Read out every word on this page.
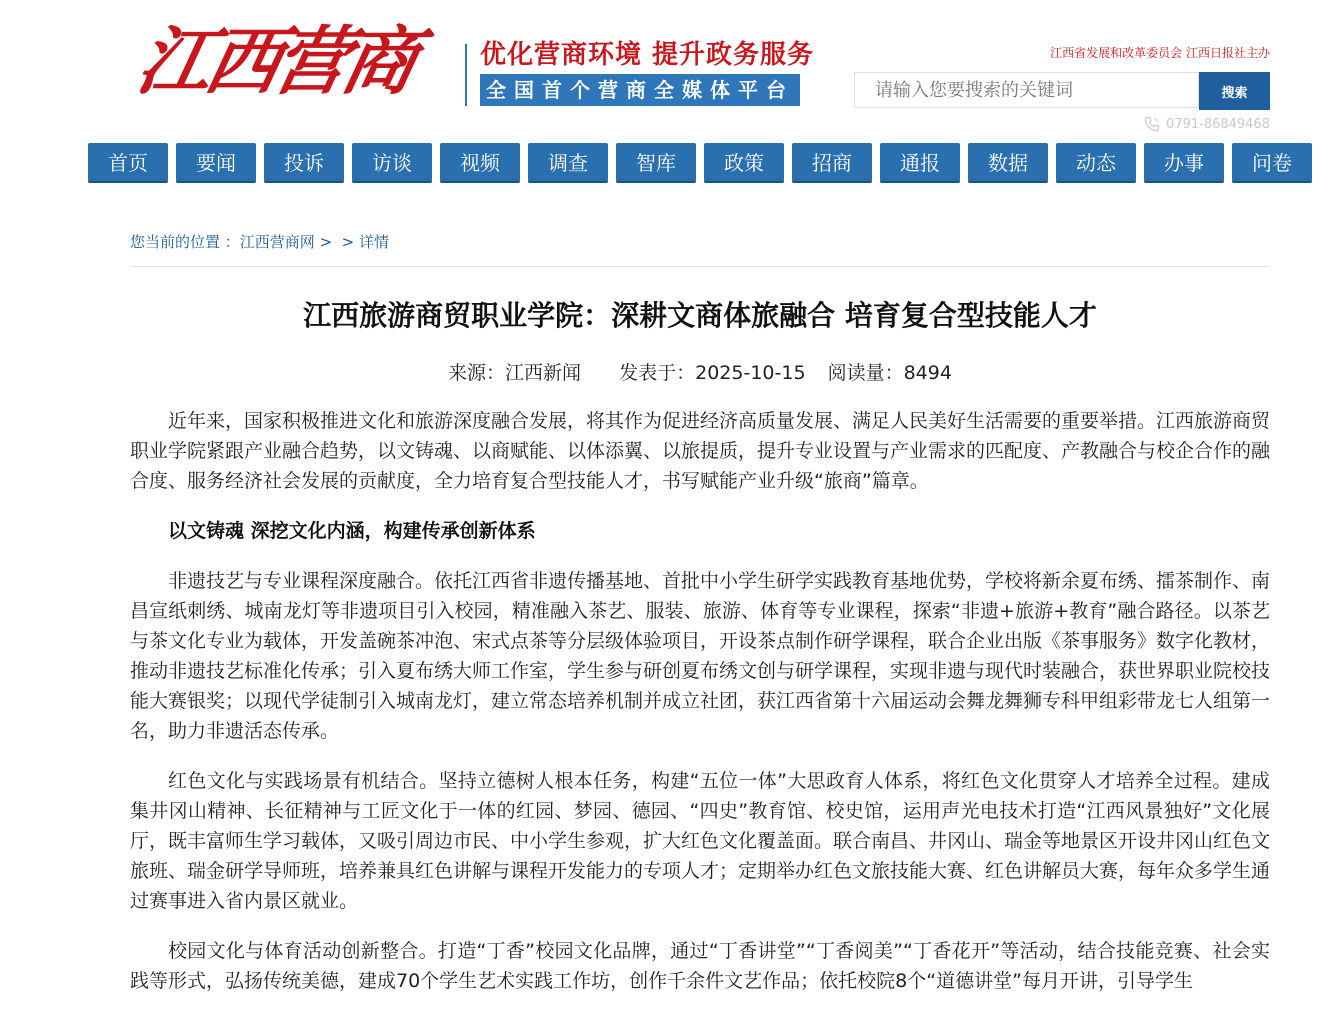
江西营商	优化营商环境 提升政务服务
全国首个营商全媒体平台
江西省发展和改革委员会 江西日报社主办
请输入您要搜索的关键词
搜索
0791-86849468
首页	要闻	投诉	访谈	视频	调查	智库	政策	招商	通报	数据	动态	办事	问卷
您当前的位置 ：江西营商网 >  > 详情
江西旅游商贸职业学院：深耕文商体旅融合 培育复合型技能人才
来源：江西新闻 发表于：2025-10-15 阅读量：8494

近年来，国家积极推进文化和旅游深度融合发展，将其作为促进经济高质量发展、满足人民美好生活需要的重要举措。江西旅游商贸职业学院紧跟产业融合趋势，以文铸魂、以商赋能、以体添翼、以旅提质，提升专业设置与产业需求的匹配度、产教融合与校企合作的融合度、服务经济社会发展的贡献度，全力培育复合型技能人才，书写赋能产业升级“旅商”篇章。

以文铸魂 深挖文化内涵，构建传承创新体系

非遗技艺与专业课程深度融合。依托江西省非遗传播基地、首批中小学生研学实践教育基地优势，学校将新余夏布绣、擂茶制作、南昌宣纸刺绣、城南龙灯等非遗项目引入校园，精准融入茶艺、服装、旅游、体育等专业课程，探索“非遗+旅游+教育”融合路径。以茶艺与茶文化专业为载体，开发盖碗茶冲泡、宋式点茶等分层级体验项目，开设茶点制作研学课程，联合企业出版《茶事服务》数字化教材，推动非遗技艺标准化传承；引入夏布绣大师工作室，学生参与研创夏布绣文创与研学课程，实现非遗与现代时装融合，获世界职业院校技能大赛银奖；以现代学徒制引入城南龙灯，建立常态培养机制并成立社团，获江西省第十六届运动会舞龙舞狮专科甲组彩带龙七人组第一名，助力非遗活态传承。

红色文化与实践场景有机结合。坚持立德树人根本任务，构建“五位一体”大思政育人体系，将红色文化贯穿人才培养全过程。建成集井冈山精神、长征精神与工匠文化于一体的红园、梦园、德园、“四史”教育馆、校史馆，运用声光电技术打造“江西风景独好”文化展厅，既丰富师生学习载体，又吸引周边市民、中小学生参观，扩大红色文化覆盖面。联合南昌、井冈山、瑞金等地景区开设井冈山红色文旅班、瑞金研学导师班，培养兼具红色讲解与课程开发能力的专项人才；定期举办红色文旅技能大赛、红色讲解员大赛，每年众多学生通过赛事进入省内景区就业。

校园文化与体育活动创新整合。打造“丁香”校园文化品牌，通过“丁香讲堂”“丁香阅美”“丁香花开”等活动，结合技能竞赛、社会实践等形式，弘扬传统美德，建成70个学生艺术实践工作坊，创作千余件文艺作品；依托校院8个“道德讲堂”每月开讲，引导学生
